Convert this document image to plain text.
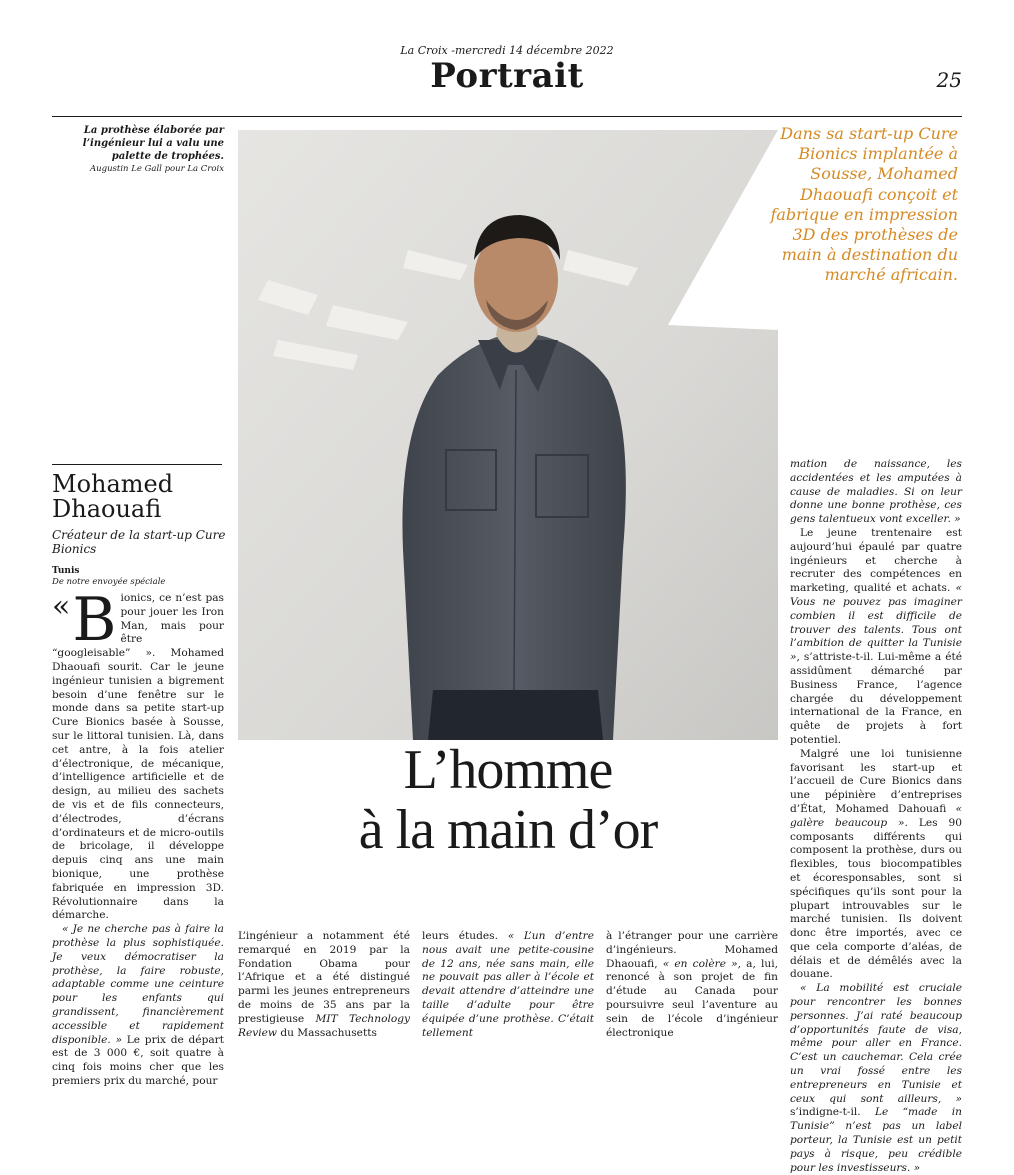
La Croix -mercredi 14 décembre 2022
Portrait	25
La prothèse élaborée par l’ingénieur lui a valu une palette de trophées.
Augustin Le Gall pour La Croix
Dans sa start-up Cure Bionics implantée à Sousse, Mohamed Dhaouafi conçoit et fabrique en impression 3D des prothèses de main à destination du marché africain.
Mohamed
Dhaouafi
Créateur de la start-up Cure Bionics
Tunis
De notre envoyée spéciale
« B ionics, ce n’est pas pour jouer les Iron Man, mais pour être “googleisable” ». Mohamed Dhaouafi sourit. Car le jeune ingénieur tunisien a bigrement besoin d’une fenêtre sur le monde dans sa petite start-up Cure Bionics basée à Sousse, sur le littoral tunisien. Là, dans cet antre, à la fois atelier d’électronique, de mécanique, d’intelligence artificielle et de design, au milieu des sachets de vis et de fils connecteurs, d’électrodes, d’écrans d’ordinateurs et de micro-outils de bricolage, il développe depuis cinq ans une main bionique, une prothèse fabriquée en impression 3D. Révolutionnaire dans la démarche.

« Je ne cherche pas à faire la prothèse la plus sophistiquée. Je veux démocratiser la prothèse, la faire robuste, adaptable comme une ceinture pour les enfants qui grandissent, financièrement accessible et rapidement disponible. » Le prix de départ est de 3 000 €, soit quatre à cinq fois moins cher que les premiers prix du marché, pour

mation de naissance, les accidentées et les amputées à cause de maladies. Si on leur donne une bonne prothèse, ces gens talentueux vont exceller. »

Le jeune trentenaire est aujourd’hui épaulé par quatre ingénieurs et cherche à recruter des compétences en marketing, qualité et achats. « Vous ne pouvez pas imaginer combien il est difficile de trouver des talents. Tous ont l’ambition de quitter la Tunisie », s’attriste-t-il. Lui-même a été assidûment démarché par Business France, l’agence chargée du développement international de la France, en quête de projets à fort potentiel.

Malgré une loi tunisienne favorisant les start-up et l’accueil de Cure Bionics dans une pépinière d’entreprises d’État, Mohamed Dahouafi « galère beaucoup ». Les 90 composants différents qui composent la prothèse, durs ou flexibles, tous biocompatibles et écoresponsables, sont si spécifiques qu’ils sont pour la plupart introuvables sur le marché tunisien. Ils doivent donc être importés, avec ce que cela comporte d’aléas, de délais et de démêlés avec la douane.

« La mobilité est cruciale pour rencontrer les bonnes personnes. J’ai raté beaucoup d’opportunités faute de visa, même pour aller en France. C’est un cauchemar. Cela crée un vrai fossé entre les entrepreneurs en Tunisie et ceux qui sont ailleurs, » s’indigne-t-il. Le “made in Tunisie” n’est pas un label porteur, la Tunisie est un petit pays à risque, peu crédible pour les investisseurs. »

L’homme
à la main d’or

L’ingénieur a notamment été remarqué en 2019 par la Fondation Obama pour l’Afrique et a été distingué parmi les jeunes entrepreneurs de moins de 35 ans par la prestigieuse MIT Technology Review du Massachusetts

leurs études. « L’un d’entre nous avait une petite-cousine de 12 ans, née sans main, elle ne pouvait pas aller à l’école et devait attendre d’atteindre une taille d’adulte pour être équipée d’une prothèse. C’était tellement

à l’étranger pour une carrière d’ingénieurs. Mohamed Dhaouafi, « en colère », a, lui, renoncé à son projet de fin d’étude au Canada pour poursuivre seul l’aventure au sein de l’école d’ingénieur électronique
